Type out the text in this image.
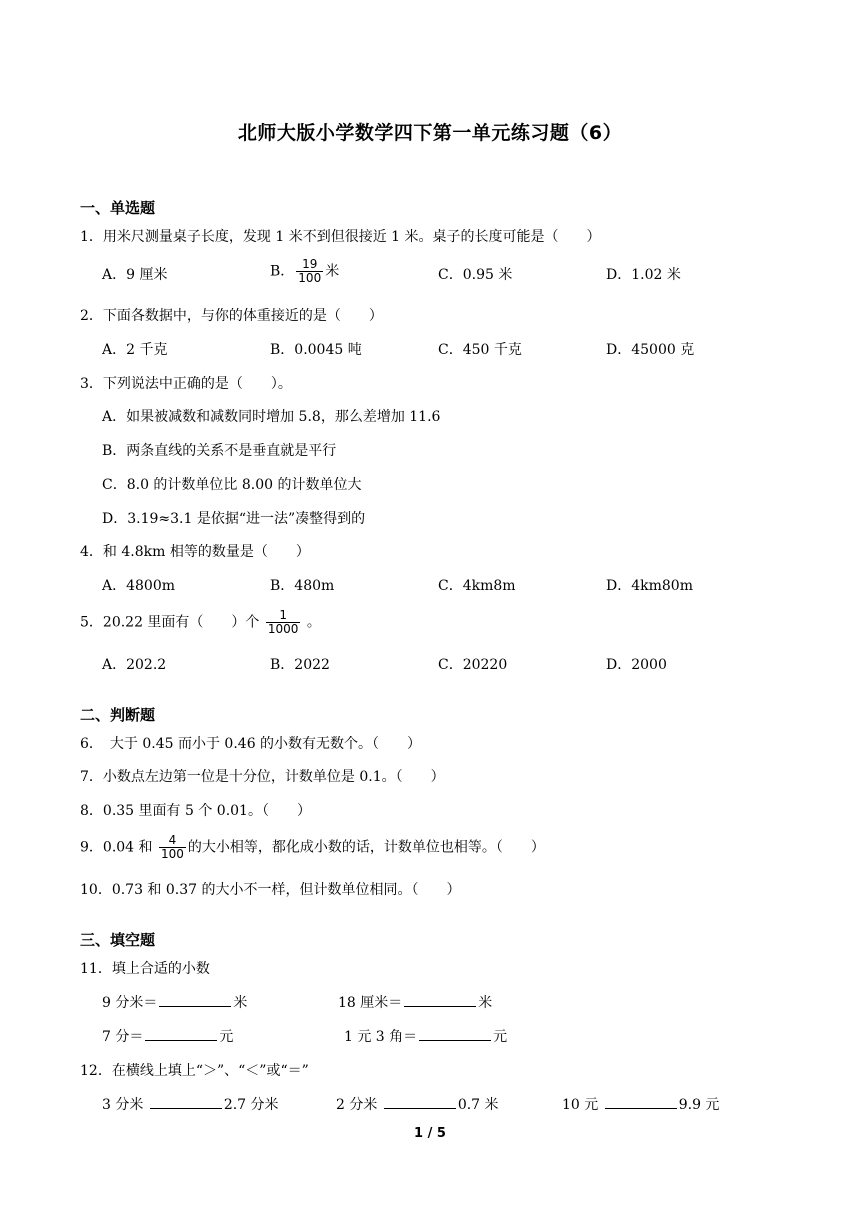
北师大版小学数学四下第一单元练习题（6）
一、单选题
1．用米尺测量桌子长度，发现 1 米不到但很接近 1 米。桌子的长度可能是（　　）
A．9 厘米	B． $\frac{19}{100}$ 米	C．0.95 米	D．1.02 米
2．下面各数据中，与你的体重接近的是（　　）
A．2 千克	B．0.0045 吨	C．450 千克	D．45000 克
3．下列说法中正确的是（　　）。
A．如果被减数和减数同时增加 5.8，那么差增加 11.6
B．两条直线的关系不是垂直就是平行
C．8.0 的计数单位比 8.00 的计数单位大
D．3.19≈3.1 是依据“进一法”凑整得到的
4．和 4.8km 相等的数量是（　　）
A．4800m	B．480m	C．4km8m	D．4km80m
5．20.22 里面有（　　）个 $\frac{1}{1000}$ 。
A．202.2	B．2022	C．20220	D．2000
二、判断题
6．　大于 0.45 而小于 0.46 的小数有无数个。（　　）
7．小数点左边第一位是十分位，计数单位是 0.1。（　　）
8．0.35 里面有 5 个 0.01。（　　）
9．0.04 和 $\frac{4}{100}$ 的大小相等，都化成小数的话，计数单位也相等。（　　）
10．0.73 和 0.37 的大小不一样，但计数单位相同。（　　）
三、填空题
11．填上合适的小数
9 分米＝	米	18 厘米＝	米
7 分＝	元	1 元 3 角＝	元
12．在横线上填上“＞”、“＜”或“＝”
3 分米	2.7 分米	2 分米	0.7 米	10 元	9.9 元
1 / 5
